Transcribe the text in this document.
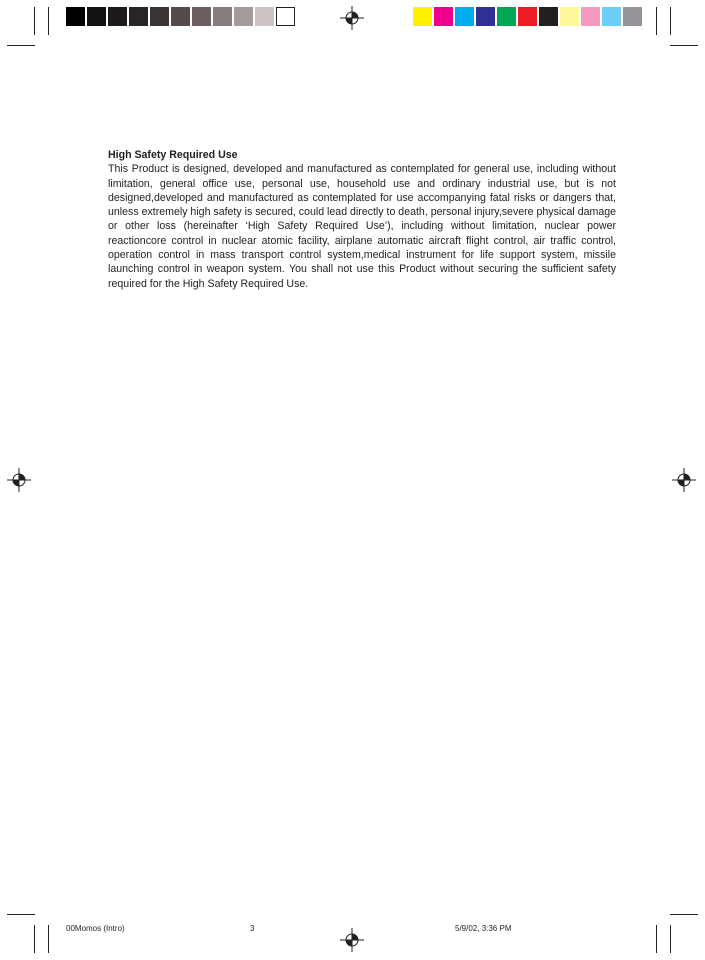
High Safety Required Use

This Product is designed, developed and manufactured as contemplated for general use, including without limitation, general office use, personal use, household use and ordinary industrial use, but is not designed,developed and manufactured as contemplated for use accompanying fatal risks or dangers that, unless extremely high safety is secured, could lead directly to death, personal injury,severe physical damage or other loss (hereinafter ‘High Safety Required Use’), including without limitation, nuclear power reactioncore control in nuclear atomic facility, airplane automatic aircraft flight control, air traffic control, operation control in mass transport control system,medical instrument for life support system, missile launching control in weapon system. You shall not use this Product without securing the sufficient safety required for the High Safety Required Use.

00Momos (Intro)	3	5/9/02, 3:36 PM
